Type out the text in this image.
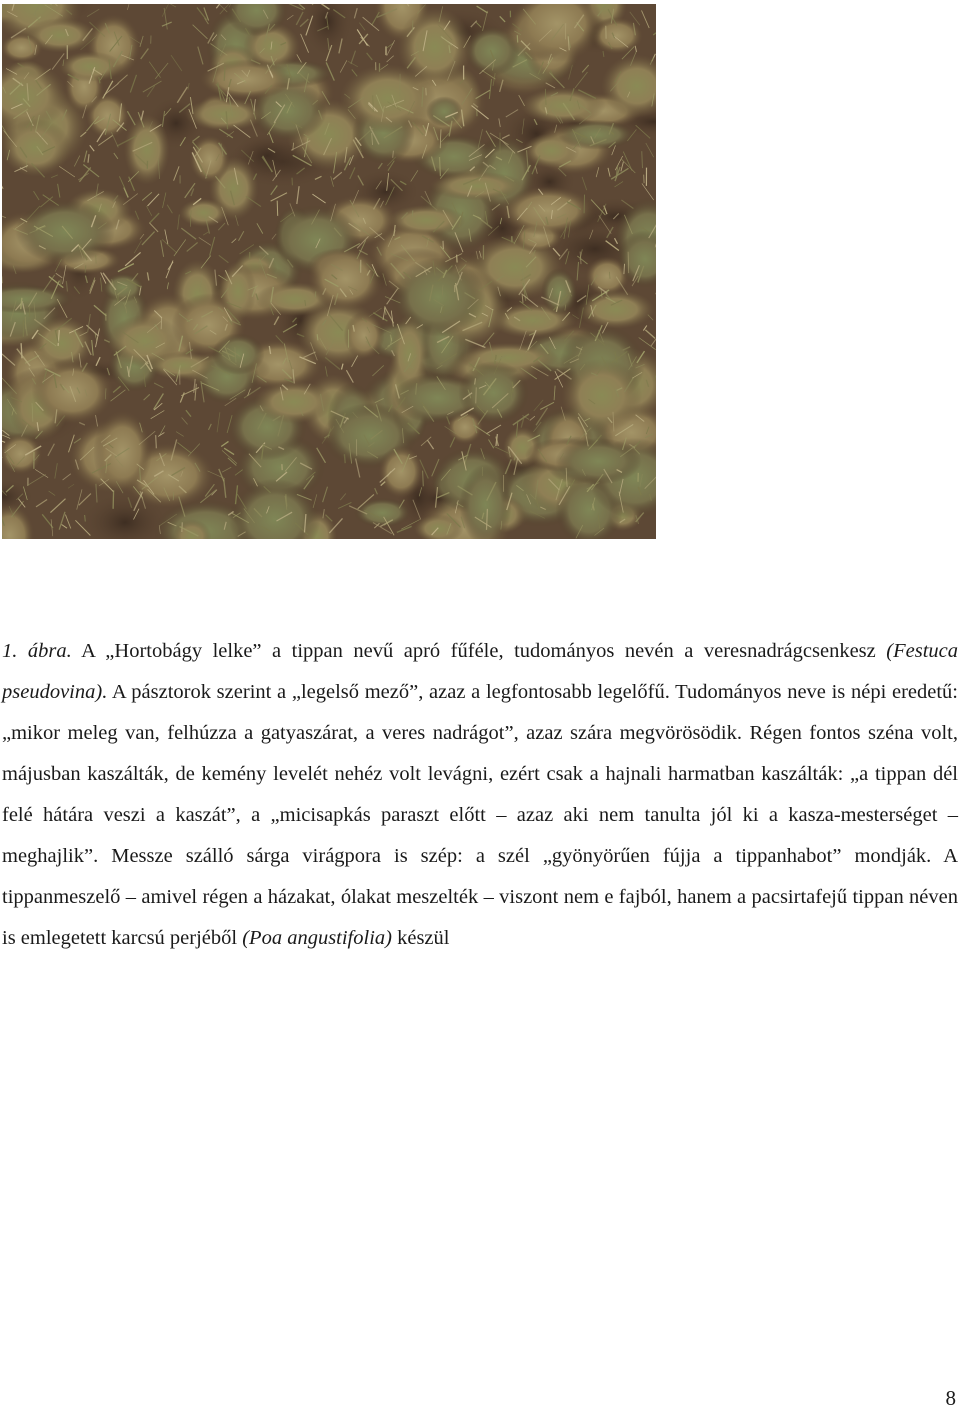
1. ábra. A „Hortobágy lelke” a tippan nevű apró fűféle, tudományos nevén a veresnadrágcsenkesz (Festuca pseudovina). A pásztorok szerint a „legelső mező”, azaz a legfontosabb legelőfű. Tudományos neve is népi eredetű: „mikor meleg van, felhúzza a gatyaszárat, a veres nadrágot”, azaz szára megvörösödik. Régen fontos széna volt, májusban kaszálták, de kemény levelét nehéz volt levágni, ezért csak a hajnali harmatban kaszálták: „a tippan dél felé hátára veszi a kaszát”, a „micisapkás paraszt előtt – azaz aki nem tanulta jól ki a kasza-mesterséget – meghajlik”. Messze szálló sárga virágpora is szép: a szél „gyönyörűen fújja a tippanhabot” mondják. A tippanmeszelő – amivel régen a házakat, ólakat meszelték – viszont nem e fajból, hanem a pacsirtafejű tippan néven is emlegetett karcsú perjéből (Poa angustifolia) készül

8
